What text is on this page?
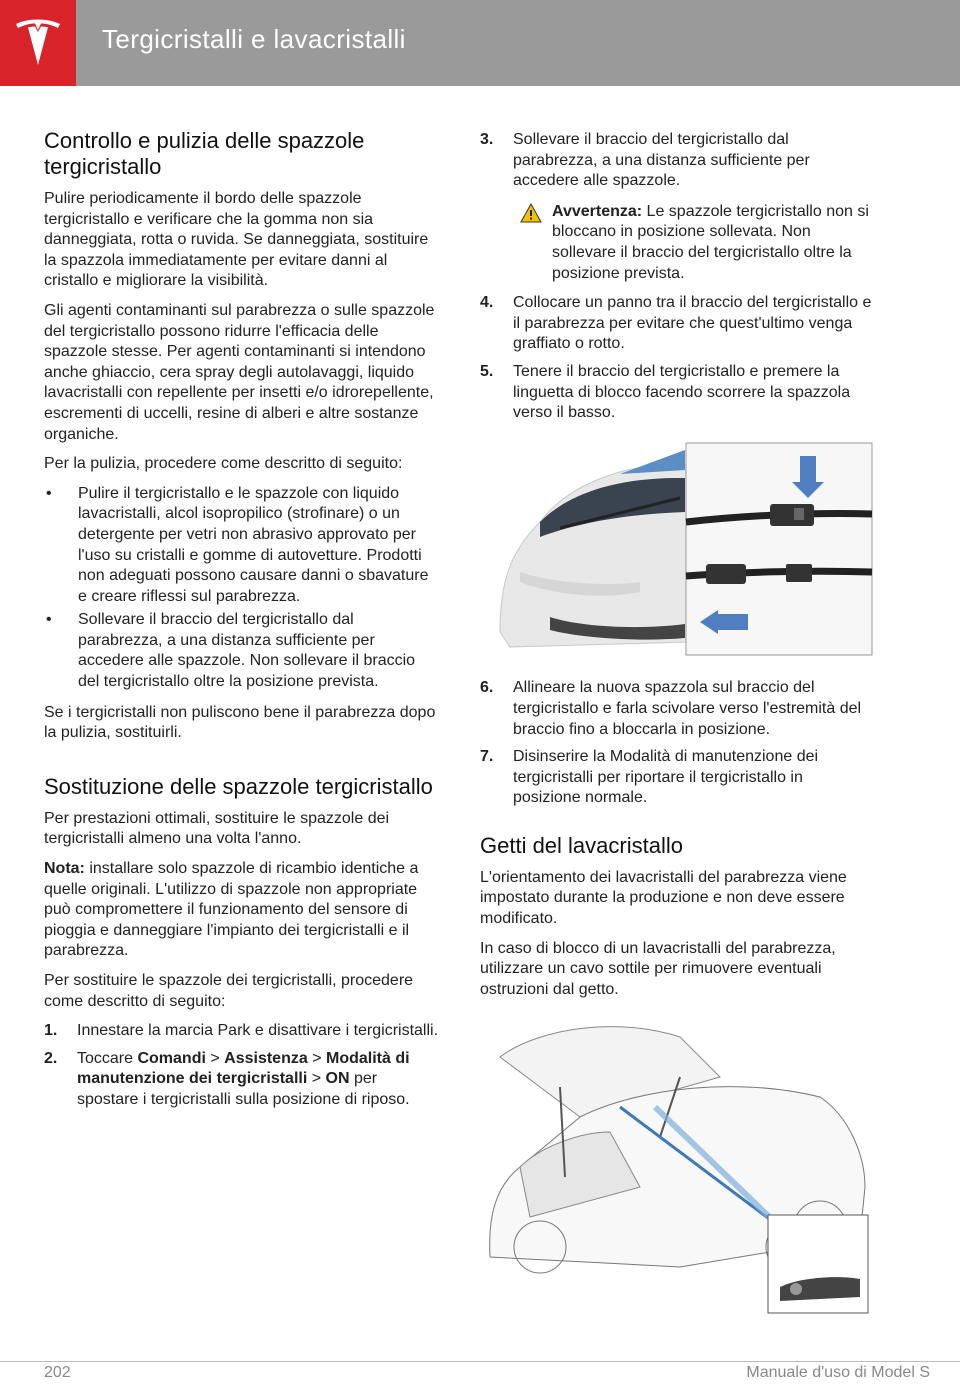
Tergicristalli e lavacristalli
Controllo e pulizia delle spazzole tergicristallo

Pulire periodicamente il bordo delle spazzole tergicristallo e verificare che la gomma non sia danneggiata, rotta o ruvida. Se danneggiata, sostituire la spazzola immediatamente per evitare danni al cristallo e migliorare la visibilità.

Gli agenti contaminanti sul parabrezza o sulle spazzole del tergicristallo possono ridurre l'efficacia delle spazzole stesse. Per agenti contaminanti si intendono anche ghiaccio, cera spray degli autolavaggi, liquido lavacristalli con repellente per insetti e/o idrorepellente, escrementi di uccelli, resine di alberi e altre sostanze organiche.

Per la pulizia, procedere come descritto di seguito:

• Pulire il tergicristallo e le spazzole con liquido lavacristalli, alcol isopropilico (strofinare) o un detergente per vetri non abrasivo approvato per l'uso su cristalli e gomme di autovetture. Prodotti non adeguati possono causare danni o sbavature e creare riflessi sul parabrezza.
• Sollevare il braccio del tergicristallo dal parabrezza, a una distanza sufficiente per accedere alle spazzole. Non sollevare il braccio del tergicristallo oltre la posizione prevista.

Se i tergicristalli non puliscono bene il parabrezza dopo la pulizia, sostituirli.

Sostituzione delle spazzole tergicristallo

Per prestazioni ottimali, sostituire le spazzole dei tergicristalli almeno una volta l'anno.

Nota: installare solo spazzole di ricambio identiche a quelle originali. L'utilizzo di spazzole non appropriate può compromettere il funzionamento del sensore di pioggia e danneggiare l'impianto dei tergicristalli e il parabrezza.

Per sostituire le spazzole dei tergicristalli, procedere come descritto di seguito:

1. Innestare la marcia Park e disattivare i tergicristalli.
2. Toccare Comandi > Assistenza > Modalità di manutenzione dei tergicristalli > ON per spostare i tergicristalli sulla posizione di riposo.
3. Sollevare il braccio del tergicristallo dal parabrezza, a una distanza sufficiente per accedere alle spazzole.
Avvertenza: Le spazzole tergicristallo non si bloccano in posizione sollevata. Non sollevare il braccio del tergicristallo oltre la posizione prevista.
4. Collocare un panno tra il braccio del tergicristallo e il parabrezza per evitare che quest'ultimo venga graffiato o rotto.
5. Tenere il braccio del tergicristallo e premere la linguetta di blocco facendo scorrere la spazzola verso il basso.
6. Allineare la nuova spazzola sul braccio del tergicristallo e farla scivolare verso l'estremità del braccio fino a bloccarla in posizione.
7. Disinserire la Modalità di manutenzione dei tergicristalli per riportare il tergicristallo in posizione normale.
Getti del lavacristallo

L'orientamento dei lavacristalli del parabrezza viene impostato durante la produzione e non deve essere modificato.

In caso di blocco di un lavacristalli del parabrezza, utilizzare un cavo sottile per rimuovere eventuali ostruzioni dal getto.

202	Manuale d'uso di Model S
